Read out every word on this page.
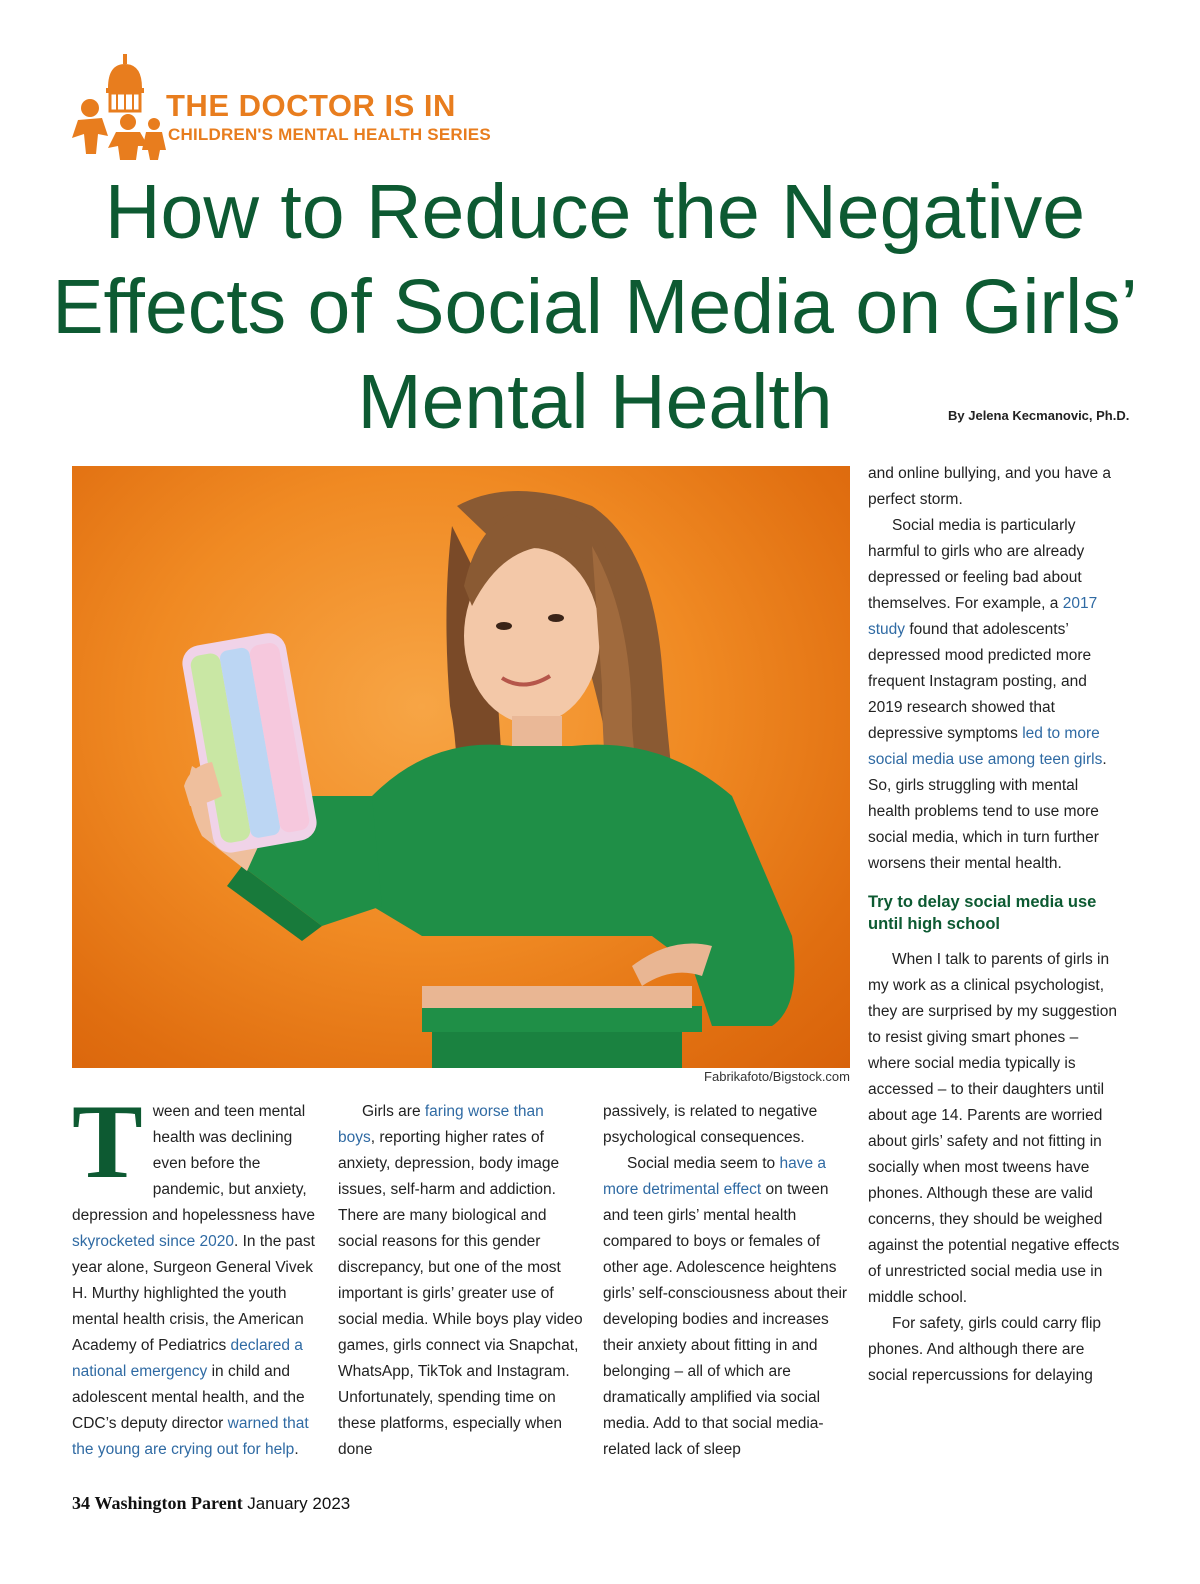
THE DOCTOR IS IN
CHILDREN'S MENTAL HEALTH SERIES
How to Reduce the Negative Effects of Social Media on Girls’ Mental Health	By Jelena Kecmanovic, Ph.D.
Fabrikafoto/Bigstock.com

Tween and teen mental health was declining even before the pandemic, but anxiety, depression and hopelessness have skyrocketed since 2020. In the past year alone, Surgeon General Vivek H. Murthy highlighted the youth mental health crisis, the American Academy of Pediatrics declared a national emergency in child and adolescent mental health, and the CDC’s deputy director warned that the young are crying out for help.

Girls are faring worse than boys, reporting higher rates of anxiety, depression, body image issues, self-harm and addiction. There are many biological and social reasons for this gender discrepancy, but one of the most important is girls’ greater use of social media. While boys play video games, girls connect via Snapchat, WhatsApp, TikTok and Instagram. Unfortunately, spending time on these platforms, especially when done

passively, is related to negative psychological consequences.

Social media seem to have a more detrimental effect on tween and teen girls’ mental health compared to boys or females of other age. Adolescence heightens girls’ self-consciousness about their developing bodies and increases their anxiety about fitting in and belonging – all of which are dramatically amplified via social media. Add to that social media-related lack of sleep

and online bullying, and you have a perfect storm.

Social media is particularly harmful to girls who are already depressed or feeling bad about themselves. For example, a 2017 study found that adolescents’ depressed mood predicted more frequent Instagram posting, and 2019 research showed that depressive symptoms led to more social media use among teen girls. So, girls struggling with mental health problems tend to use more social media, which in turn further worsens their mental health.

Try to delay social media use until high school

When I talk to parents of girls in my work as a clinical psychologist, they are surprised by my suggestion to resist giving smart phones – where social media typically is accessed – to their daughters until about age 14. Parents are worried about girls’ safety and not fitting in socially when most tweens have phones. Although these are valid concerns, they should be weighed against the potential negative effects of unrestricted social media use in middle school.

For safety, girls could carry flip phones. And although there are social repercussions for delaying

34 Washington Parent January 2023
